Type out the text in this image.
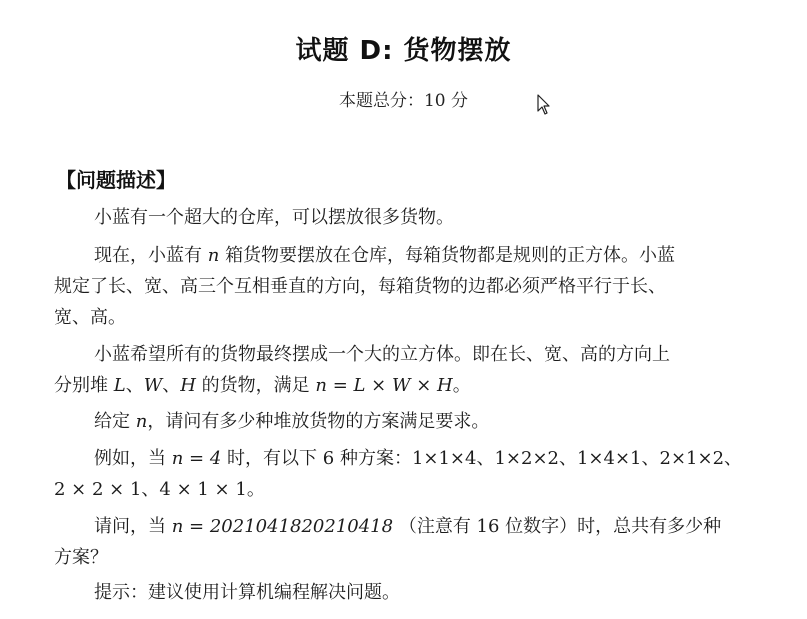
试题 D: 货物摆放
本题总分：10 分
【问题描述】
小蓝有一个超大的仓库，可以摆放很多货物。
现在，小蓝有 n 箱货物要摆放在仓库，每箱货物都是规则的正方体。小蓝
规定了长、宽、高三个互相垂直的方向，每箱货物的边都必须严格平行于长、
宽、高。
小蓝希望所有的货物最终摆成一个大的立方体。即在长、宽、高的方向上
分别堆 L、W、H 的货物，满足 n = L × W × H。
给定 n，请问有多少种堆放货物的方案满足要求。
例如，当 n = 4 时，有以下 6 种方案：1×1×4、1×2×2、1×4×1、2×1×2、
2 × 2 × 1、4 × 1 × 1。
请问，当 n = 2021041820210418 （注意有 16 位数字）时，总共有多少种
方案？
提示：建议使用计算机编程解决问题。
